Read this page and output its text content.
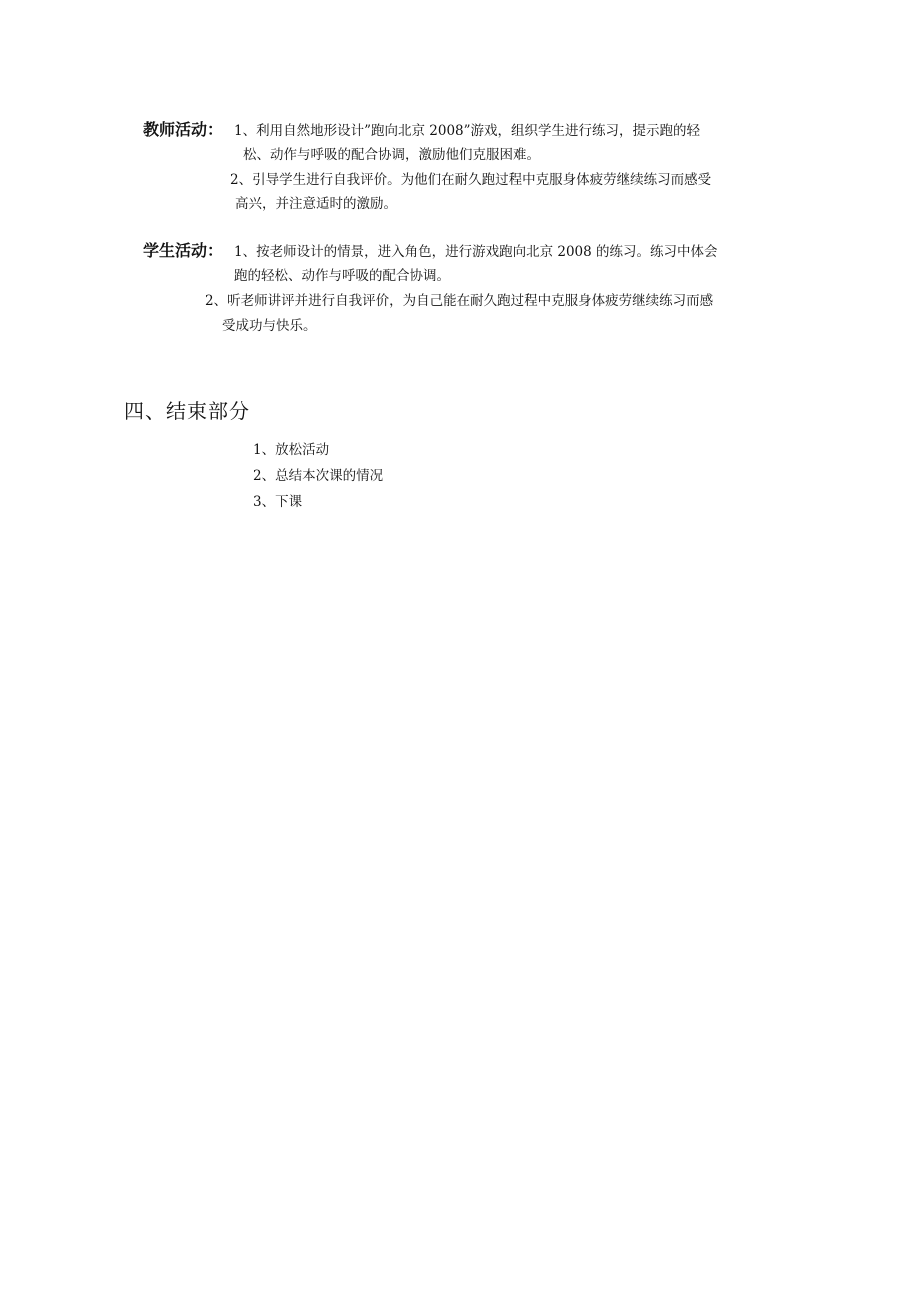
教师活动： 1、利用自然地形设计”跑向北京 2008”游戏，组织学生进行练习，提示跑的轻
松、动作与呼吸的配合协调，激励他们克服困难。
2、引导学生进行自我评价。为他们在耐久跑过程中克服身体疲劳继续练习而感受
高兴，并注意适时的激励。
学生活动： 1、按老师设计的情景，进入角色，进行游戏跑向北京 2008 的练习。练习中体会
跑的轻松、动作与呼吸的配合协调。
2、听老师讲评并进行自我评价，为自己能在耐久跑过程中克服身体疲劳继续练习而感
受成功与快乐。
四、结束部分
1、放松活动
2、总结本次课的情况
3、下课
